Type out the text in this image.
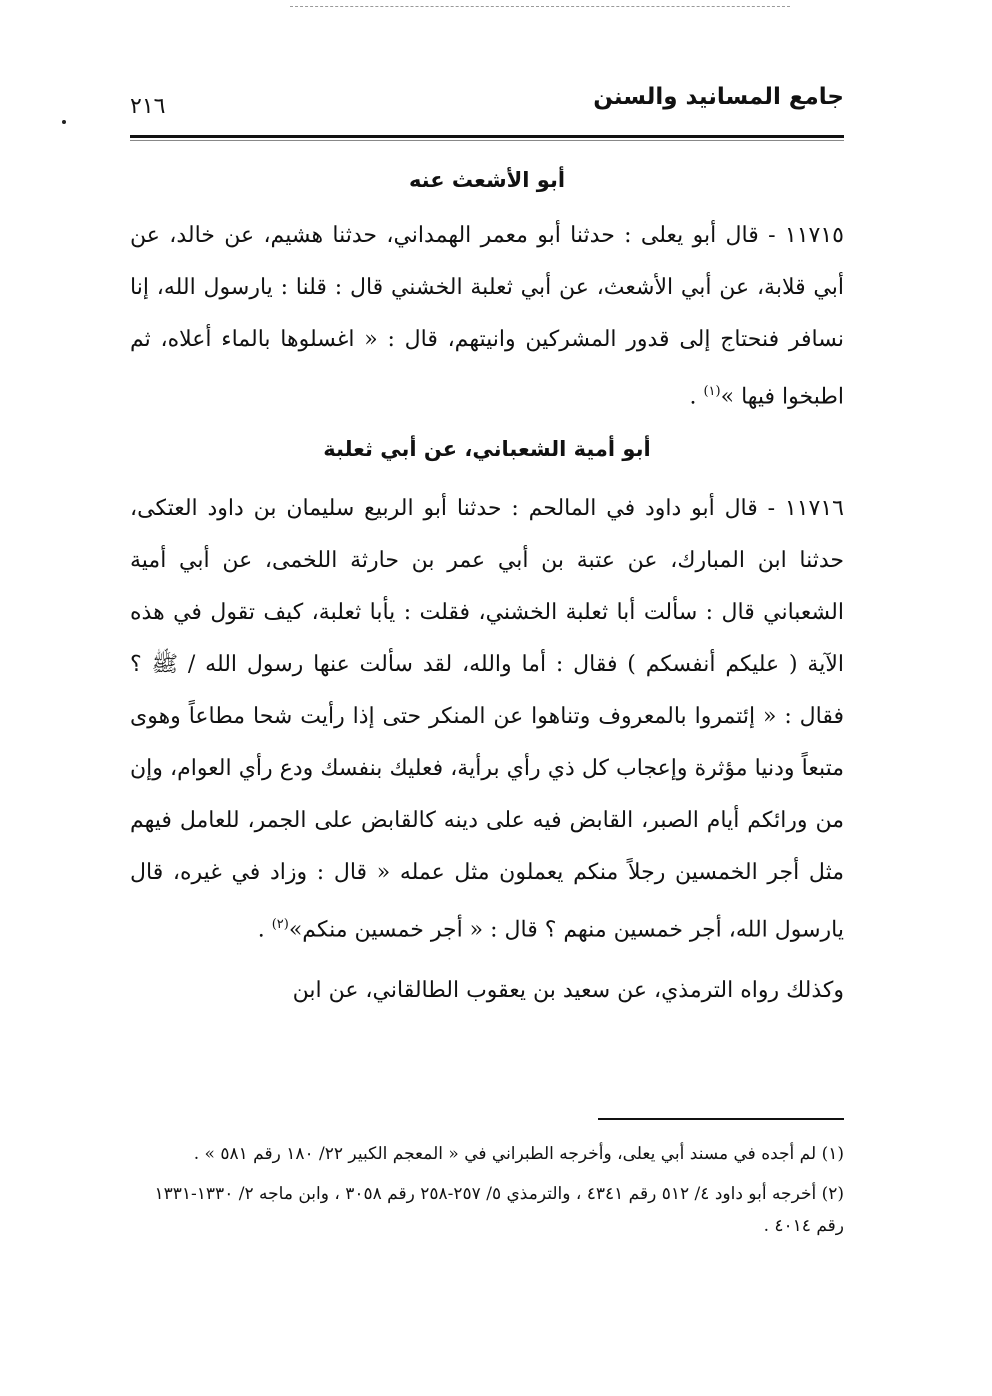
جامع المسانيد والسنن
٢١٦
أبو الأشعث عنه
١١٧١٥ - قال أبو يعلى : حدثنا أبو معمر الهمداني، حدثنا هشيم، عن خالد، عن أبي قلابة، عن أبي الأشعث، عن أبي ثعلبة الخشني قال : قلنا : يارسول الله، إنا نسافر فنحتاج إلى قدور المشركين وانيتهم، قال : « اغسلوها بالماء أعلاه، ثم اطبخوا فيها »$^{(١)}$ .
أبو أمية الشعباني، عن أبي ثعلبة
١١٧١٦ - قال أبو داود في المالحم : حدثنا أبو الربيع سليمان بن داود العتكى، حدثنا ابن المبارك، عن عتبة بن أبي عمر بن حارثة اللخمى، عن أبي أمية الشعباني قال : سألت أبا ثعلبة الخشني، فقلت : يأبا ثعلبة، كيف تقول في هذه الآية ( عليكم أنفسكم ) فقال : أما والله، لقد سألت عنها رسول الله / ﷺ ؟ فقال : « إئتمروا بالمعروف وتناهوا عن المنكر حتى إذا رأيت شحا مطاعاً وهوى متبعاً ودنيا مؤثرة وإعجاب كل ذي رأي برأية، فعليك بنفسك ودع رأي العوام، وإن من ورائكم أيام الصبر، القابض فيه على دينه كالقابض على الجمر، للعامل فيهم مثل أجر الخمسين رجلاً منكم يعملون مثل عمله « قال : وزاد في غيره، قال يارسول الله، أجر خمسين منهم ؟ قال : « أجر خمسين منكم»$^{(٢)}$ .
وكذلك رواه الترمذي، عن سعيد بن يعقوب الطالقاني، عن ابن

(١) لم أجده في مسند أبي يعلى، وأخرجه الطبراني في « المعجم الكبير ٢٢/ ١٨٠ رقم ٥٨١ » .

(٢) أخرجه أبو داود ٤/ ٥١٢ رقم ٤٣٤١ ، والترمذي ٥/ ٢٥٧-٢٥٨ رقم ٣٠٥٨ ، وابن ماجه ٢/ ١٣٣٠-١٣٣١ رقم ٤٠١٤ .
